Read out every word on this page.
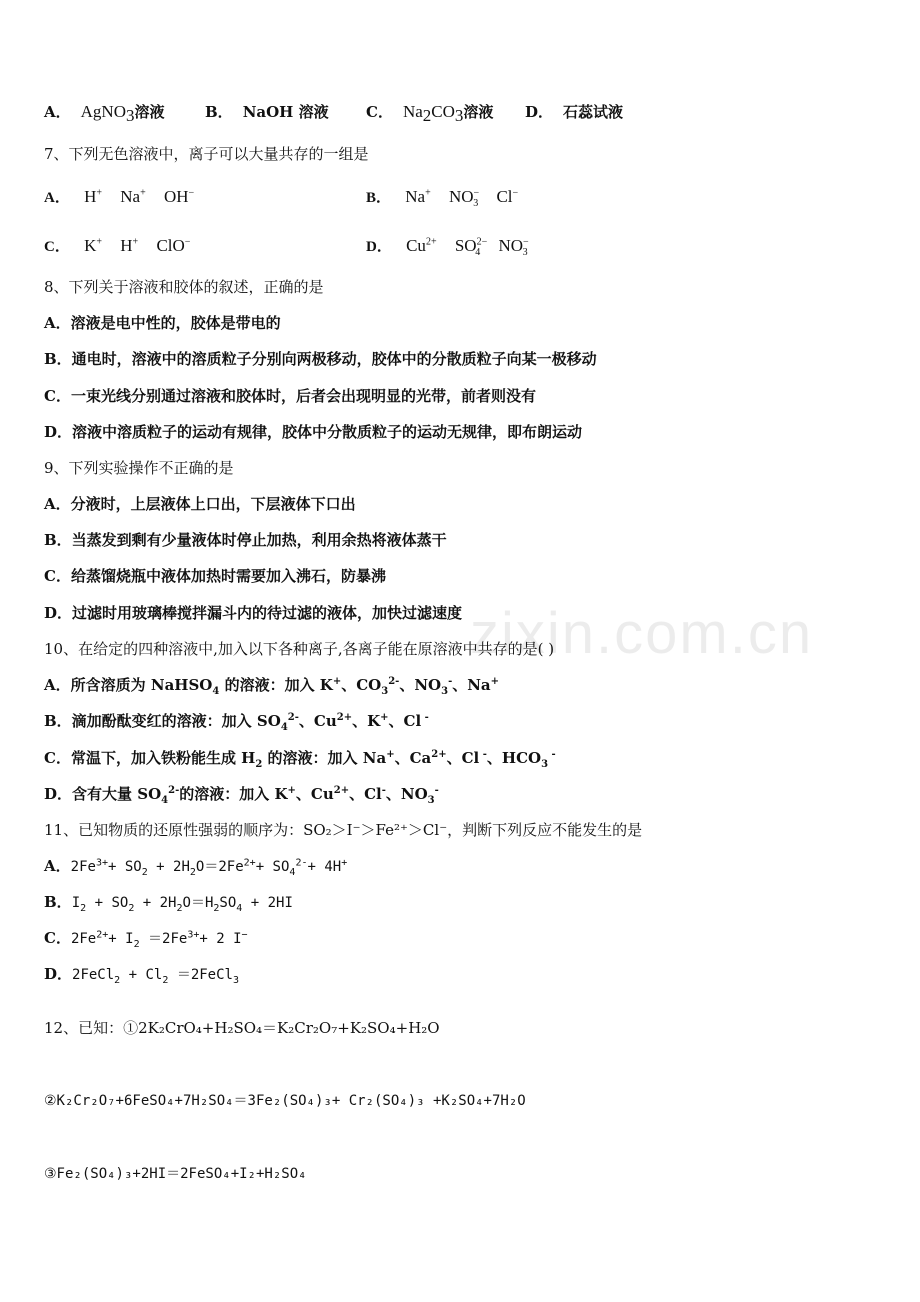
zixin.com.cn
A． AgNO$_3$溶液	B． NaOH 溶液 C． $Na_2CO_3$溶液 D． 石蕊试液
7、下列无色溶液中，离子可以大量共存的一组是
A． H+ Na+ OH−	B． Na+ $NO^-_3$ Cl−
C． K+ H+ ClO−	D． $Cu^{2+}$ $SO^{2-}_4$ $NO^-_3$
8、下列关于溶液和胶体的叙述，正确的是
A．溶液是电中性的，胶体是带电的
B．通电时，溶液中的溶质粒子分别向两极移动，胶体中的分散质粒子向某一极移动
C．一束光线分别通过溶液和胶体时，后者会出现明显的光带，前者则没有
D．溶液中溶质粒子的运动有规律，胶体中分散质粒子的运动无规律，即布朗运动
9、下列实验操作不正确的是
A．分液时，上层液体上口出，下层液体下口出
B．当蒸发到剩有少量液体时停止加热，利用余热将液体蒸干
C．给蒸馏烧瓶中液体加热时需要加入沸石，防暴沸
D．过滤时用玻璃棒搅拌漏斗内的待过滤的液体，加快过滤速度
10、在给定的四种溶液中,加入以下各种离子,各离子能在原溶液中共存的是( )
A．所含溶质为 NaHSO$_4$ 的溶液：加入 K+、$CO_3^{2-}$、$NO_3^-$、Na+
B．滴加酚酞变红的溶液：加入 $SO_4^{2-}$、$Cu^{2+}$、K+、Cl -
C．常温下，加入铁粉能生成 $H_2$ 的溶液：加入 Na+、$Ca^{2+}$、Cl -、$HCO_3$ -
D．含有大量 $SO_4^{2-}$的溶液：加入 K+、$Cu^{2+}$、Cl-、$NO_3^-$
11、已知物质的还原性强弱的顺序为：SO₂＞I⁻＞Fe²⁺＞Cl⁻，判断下列反应不能发生的是
A．$2Fe^{3+}+ SO_2 + 2H_2O=2Fe^{2+}+ SO_4^{2-}+ 4H^+$
B．$I_2 + SO_2 + 2H_2O=H_2SO_4 + 2HI$
C．$2Fe^{2+}+ I_2 =2Fe^{3+}+ 2$ I−
D．2FeCl$_2$ + $Cl_2$ ＝2FeCl$_3$
12、已知：①2K₂CrO₄+H₂SO₄＝K₂Cr₂O₇+K₂SO₄+H₂O
②K₂Cr₂O₇+6FeSO₄+7H₂SO₄＝3Fe₂(SO₄)₃+ Cr₂(SO₄)₃ +K₂SO₄+7H₂O
③Fe₂(SO₄)₃+2HI＝2FeSO₄+I₂+H₂SO₄
